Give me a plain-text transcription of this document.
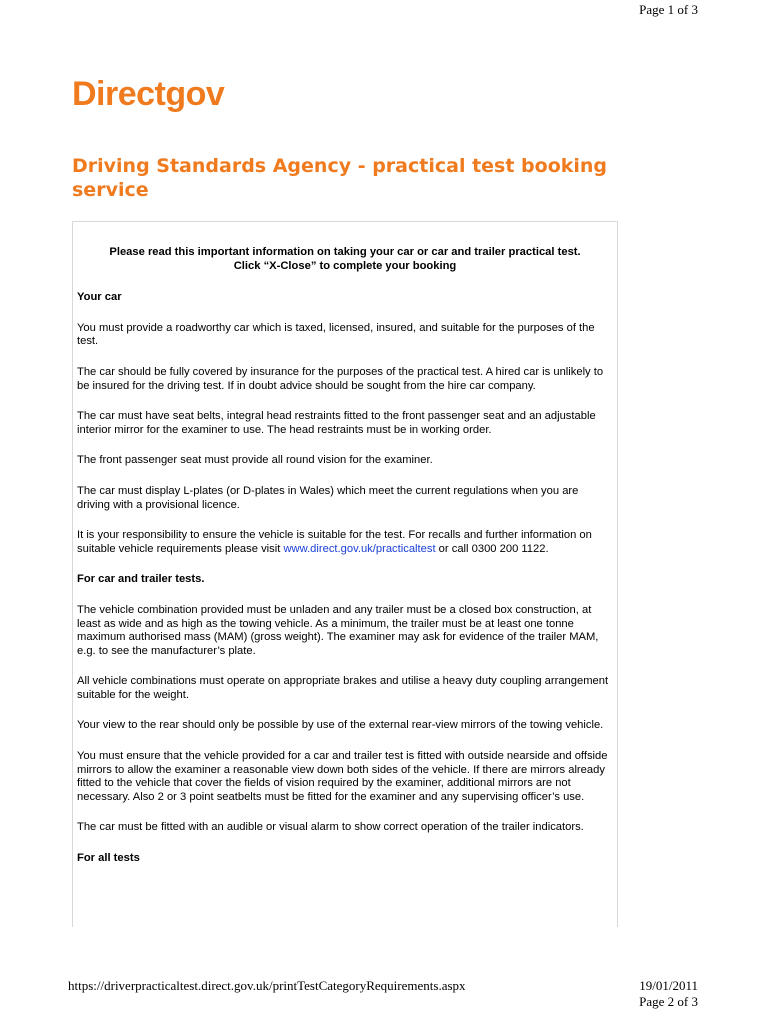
Page 1 of 3
Directgov
Driving Standards Agency - practical test booking service
Please read this important information on taking your car or car and trailer practical test.
Click “X-Close” to complete your booking
Your car
You must provide a roadworthy car which is taxed, licensed, insured, and suitable for the purposes of the test.
The car should be fully covered by insurance for the purposes of the practical test. A hired car is unlikely to be insured for the driving test. If in doubt advice should be sought from the hire car company.
The car must have seat belts, integral head restraints fitted to the front passenger seat and an adjustable interior mirror for the examiner to use. The head restraints must be in working order.
The front passenger seat must provide all round vision for the examiner.
The car must display L-plates (or D-plates in Wales) which meet the current regulations when you are driving with a provisional licence.
It is your responsibility to ensure the vehicle is suitable for the test. For recalls and further information on suitable vehicle requirements please visit www.direct.gov.uk/practicaltest or call 0300 200 1122.
For car and trailer tests.
The vehicle combination provided must be unladen and any trailer must be a closed box construction, at least as wide and as high as the towing vehicle. As a minimum, the trailer must be at least one tonne maximum authorised mass (MAM) (gross weight). The examiner may ask for evidence of the trailer MAM, e.g. to see the manufacturer’s plate.
All vehicle combinations must operate on appropriate brakes and utilise a heavy duty coupling arrangement suitable for the weight.
Your view to the rear should only be possible by use of the external rear-view mirrors of the towing vehicle.
You must ensure that the vehicle provided for a car and trailer test is fitted with outside nearside and offside mirrors to allow the examiner a reasonable view down both sides of the vehicle. If there are mirrors already fitted to the vehicle that cover the fields of vision required by the examiner, additional mirrors are not necessary. Also 2 or 3 point seatbelts must be fitted for the examiner and any supervising officer’s use.
The car must be fitted with an audible or visual alarm to show correct operation of the trailer indicators.
For all tests
https://driverpracticaltest.direct.gov.uk/printTestCategoryRequirements.aspx	19/01/2011
Page 2 of 3
